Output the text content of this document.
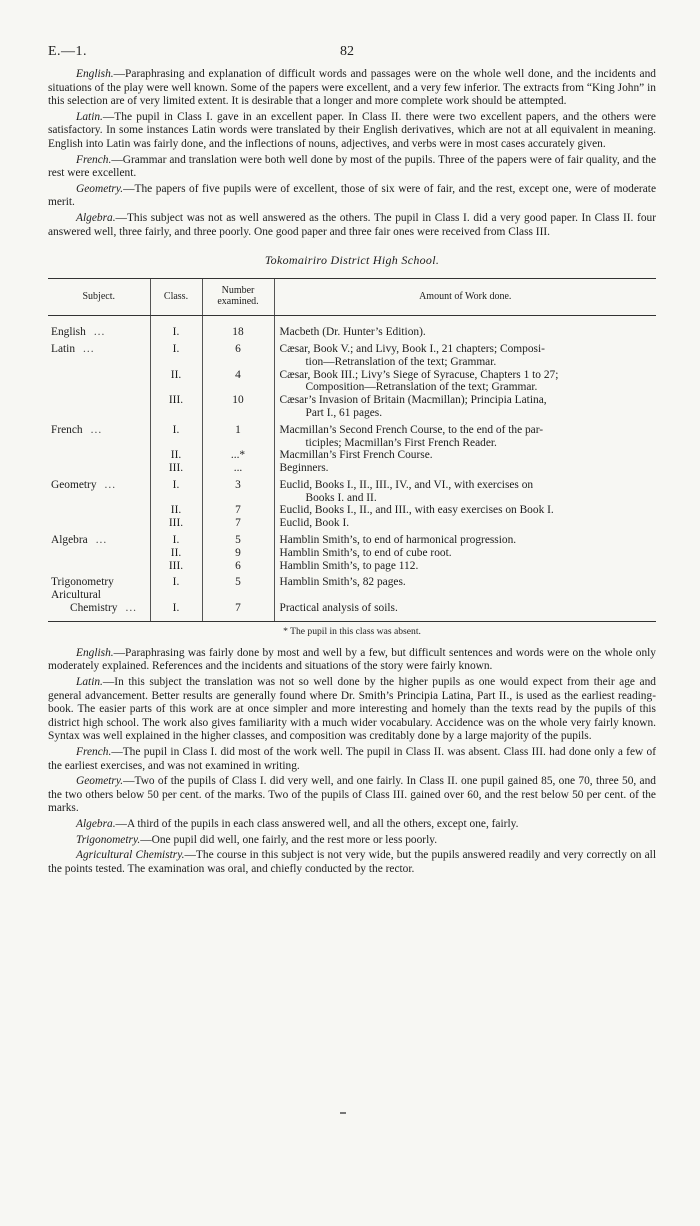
E.—1.	82

English.—Paraphrasing and explanation of difficult words and passages were on the whole well done, and the incidents and situations of the play were well known. Some of the papers were excellent, and a very few inferior. The extracts from “King John” in this selection are of very limited extent. It is desirable that a longer and more complete work should be attempted.

Latin.—The pupil in Class I. gave in an excellent paper. In Class II. there were two excellent papers, and the others were satisfactory. In some instances Latin words were translated by their English derivatives, which are not at all equivalent in meaning. English into Latin was fairly done, and the inflections of nouns, adjectives, and verbs were in most cases accurately given.

French.—Grammar and translation were both well done by most of the pupils. Three of the papers were of fair quality, and the rest were excellent.

Geometry.—The papers of five pupils were of excellent, those of six were of fair, and the rest, except one, were of moderate merit.

Algebra.—This subject was not as well answered as the others. The pupil in Class I. did a very good paper. In Class II. four answered well, three fairly, and three poorly. One good paper and three fair ones were received from Class III.

Tokomairiro District High School.
Subject.	Class.	Number examined.	Amount of Work done.
English ...	I.	18	Macbeth (Dr. Hunter’s Edition).

Latin ...	I.	6	Cæsar, Book V.; and Livy, Book I., 21 chapters; Composi-
tion—Retranslation of the text; Grammar.

	II.	4	Cæsar, Book III.; Livy’s Siege of Syracuse, Chapters 1 to 27;
Composition—Retranslation of the text; Grammar.

	III.	10	Cæsar’s Invasion of Britain (Macmillan); Principia Latina,
Part I., 61 pages.

French ...	I.	1	Macmillan’s Second French Course, to the end of the par-
ticiples; Macmillan’s First French Reader.

	II.	...*	Macmillan’s First French Course.

	III.	...	Beginners.

Geometry ...	I.	3	Euclid, Books I., II., III., IV., and VI., with exercises on
Books I. and II.

	II.	7	Euclid, Books I., II., and III., with easy exercises on Book I.

	III.	7	Euclid, Book I.

Algebra ...	I.	5	Hamblin Smith’s, to end of harmonical progression.

	II.	9	Hamblin Smith’s, to end of cube root.

	III.	6	Hamblin Smith’s, to page 112.

Trigonometry	I.	5	Hamblin Smith’s, 82 pages.

Aricultural			

Chemistry ...	I.	7	Practical analysis of soils.
* The pupil in this class was absent.

English.—Paraphrasing was fairly done by most and well by a few, but difficult sentences and words were on the whole only moderately explained. References and the incidents and situations of the story were fairly known.

Latin.—In this subject the translation was not so well done by the higher pupils as one would expect from their age and general advancement. Better results are generally found where Dr. Smith’s Principia Latina, Part II., is used as the earliest reading-book. The easier parts of this work are at once simpler and more interesting and homely than the texts read by the pupils of this district high school. The work also gives familiarity with a much wider vocabulary. Accidence was on the whole very fairly known. Syntax was well explained in the higher classes, and composition was creditably done by a large majority of the pupils.

French.—The pupil in Class I. did most of the work well. The pupil in Class II. was absent. Class III. had done only a few of the earliest exercises, and was not examined in writing.

Geometry.—Two of the pupils of Class I. did very well, and one fairly. In Class II. one pupil gained 85, one 70, three 50, and the two others below 50 per cent. of the marks. Two of the pupils of Class III. gained over 60, and the rest below 50 per cent. of the marks.

Algebra.—A third of the pupils in each class answered well, and all the others, except one, fairly.

Trigonometry.—One pupil did well, one fairly, and the rest more or less poorly.

Agricultural Chemistry.—The course in this subject is not very wide, but the pupils answered readily and very correctly on all the points tested. The examination was oral, and chiefly conducted by the rector.
